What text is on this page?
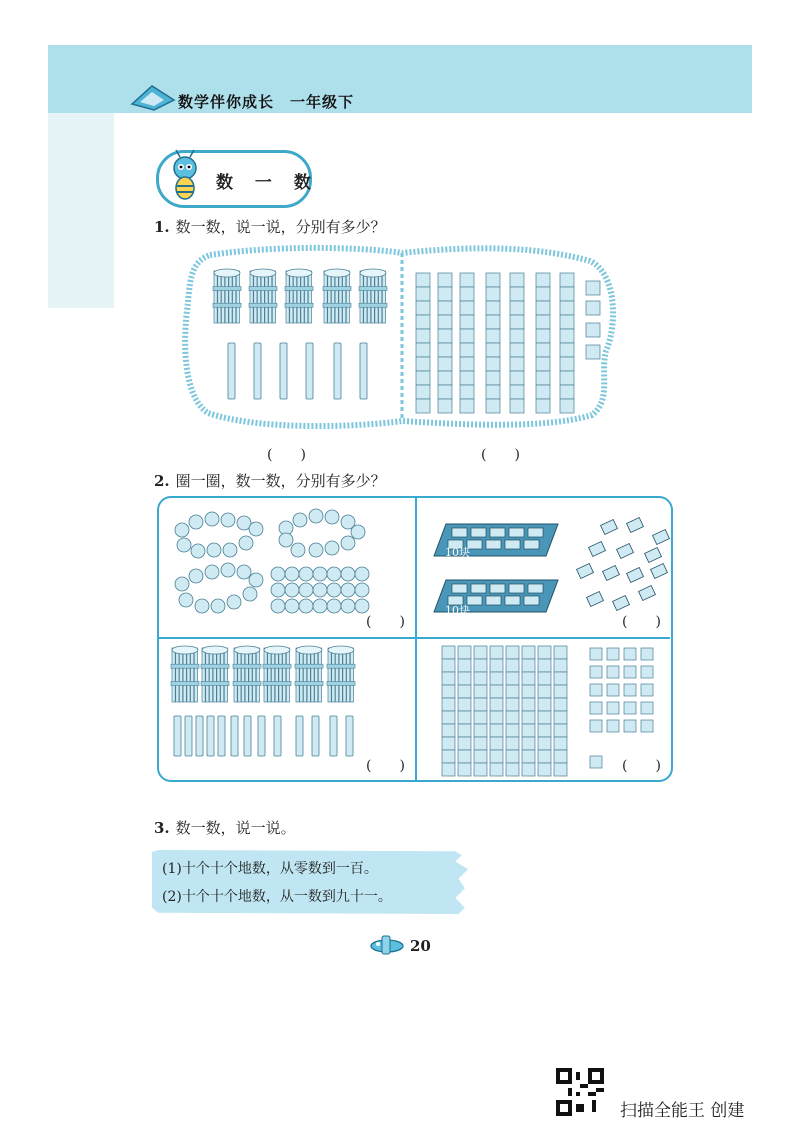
数学伴你成长　一年级下
数 一 数
1. 数一数，说一说，分别有多少？
(　　)	(　　)
2. 圈一圈，数一数，分别有多少？
10块
10块
(　　)	(　　)
(　　)	(　　)
3. 数一数，说一说。
(1)十个十个地数，从零数到一百。
(2)十个十个地数，从一数到九十一。
20
扫描全能王 创建
